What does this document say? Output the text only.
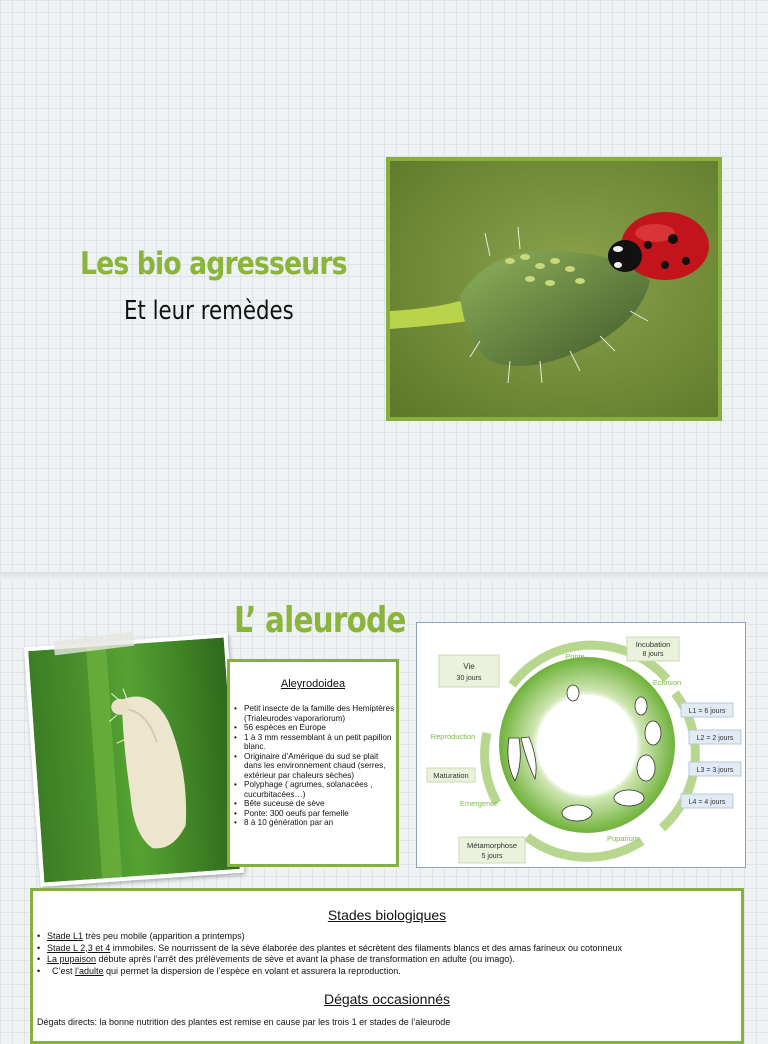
Les bio agresseurs
Et leur remèdes
L’ aleurode
Aleyrodoidea
• Petit insecte de la famille des Hemiptères (Trialeurodes vaporariorum)
• 56 espèces en Europe
• 1 à 3 mm ressemblant à un petit papillon blanc.
• Originaire d’Amérique du sud se plait dans les environnement chaud (serres, extérieur par chaleurs sèches)
• Polyphage ( agrumes, solanacées , cucurbitacées…)
• Bête suceuse de sève
• Ponte: 300 oeufs par femelle
• 8 à 10 génération par an
Vie
30 jours
Incubation
8 jours
Ponte
Eclosion
Reproduction
Emergence
Puparium
Maturation
Métamorphose
5 jours
L1 = 6 jours
L2 = 2 jours
L3 = 3 jours
L4 = 4 jours
Stades biologiques
• Stade L1 très peu mobile (apparition a printemps)
• Stade L 2,3 et 4 immobiles. Se nourrissent de la sève élaborée des plantes et sécrètent des filaments blancs et des amas farineux ou cotonneux
• La pupaison débute après l’arrêt des prélèvements de sève et avant la phase de transformation en adulte (ou imago).
•   C’est l’adulte qui permet la dispersion de l’espèce en volant et assurera la reproduction.
Dégats occasionnés
Dégats directs: la bonne nutrition des plantes est remise en cause par les trois 1 er stades de l’aleurode
